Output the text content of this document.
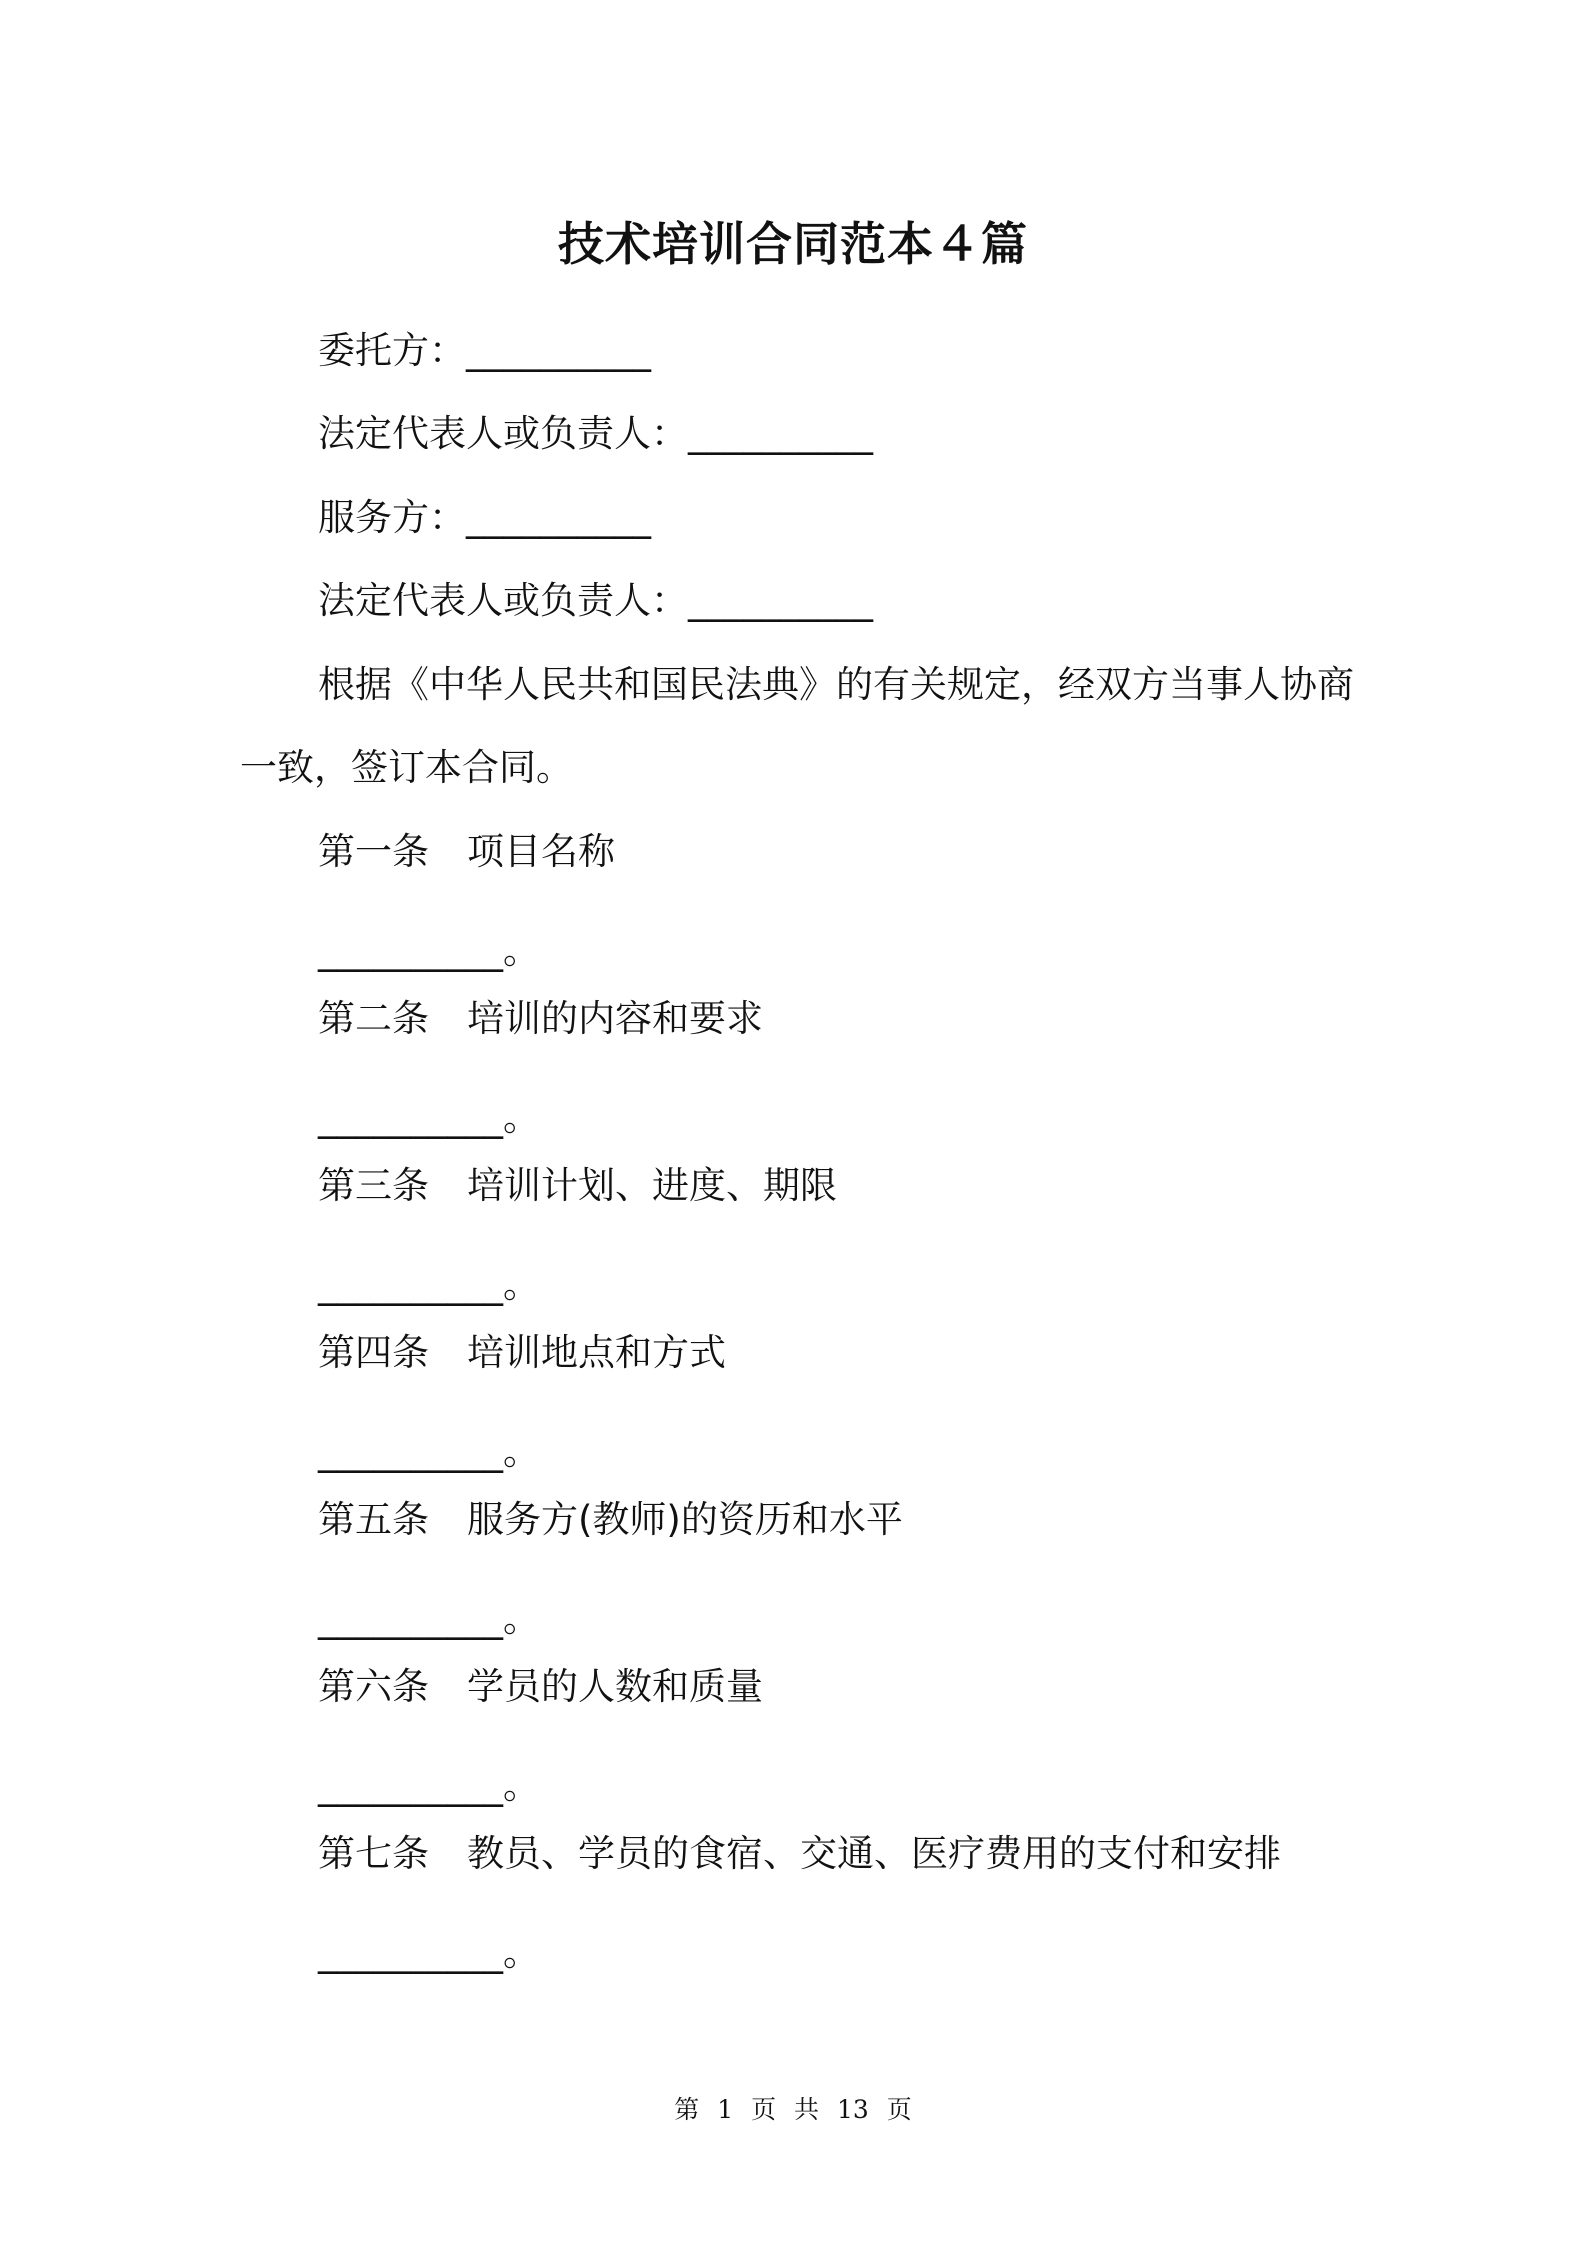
技术培训合同范本４篇
委托方：__________
法定代表人或负责人：__________
服务方：__________
法定代表人或负责人：__________
根据《中华人民共和国民法典》的有关规定，经双方当事人协商
一致，签订本合同。
第一条 项目名称
__________。
第二条 培训的内容和要求
__________。
第三条 培训计划、进度、期限
__________。
第四条 培训地点和方式
__________。
第五条 服务方(教师)的资历和水平
__________。
第六条 学员的人数和质量
__________。
第七条 教员、学员的食宿、交通、医疗费用的支付和安排
__________。
第 1 页 共 13 页
